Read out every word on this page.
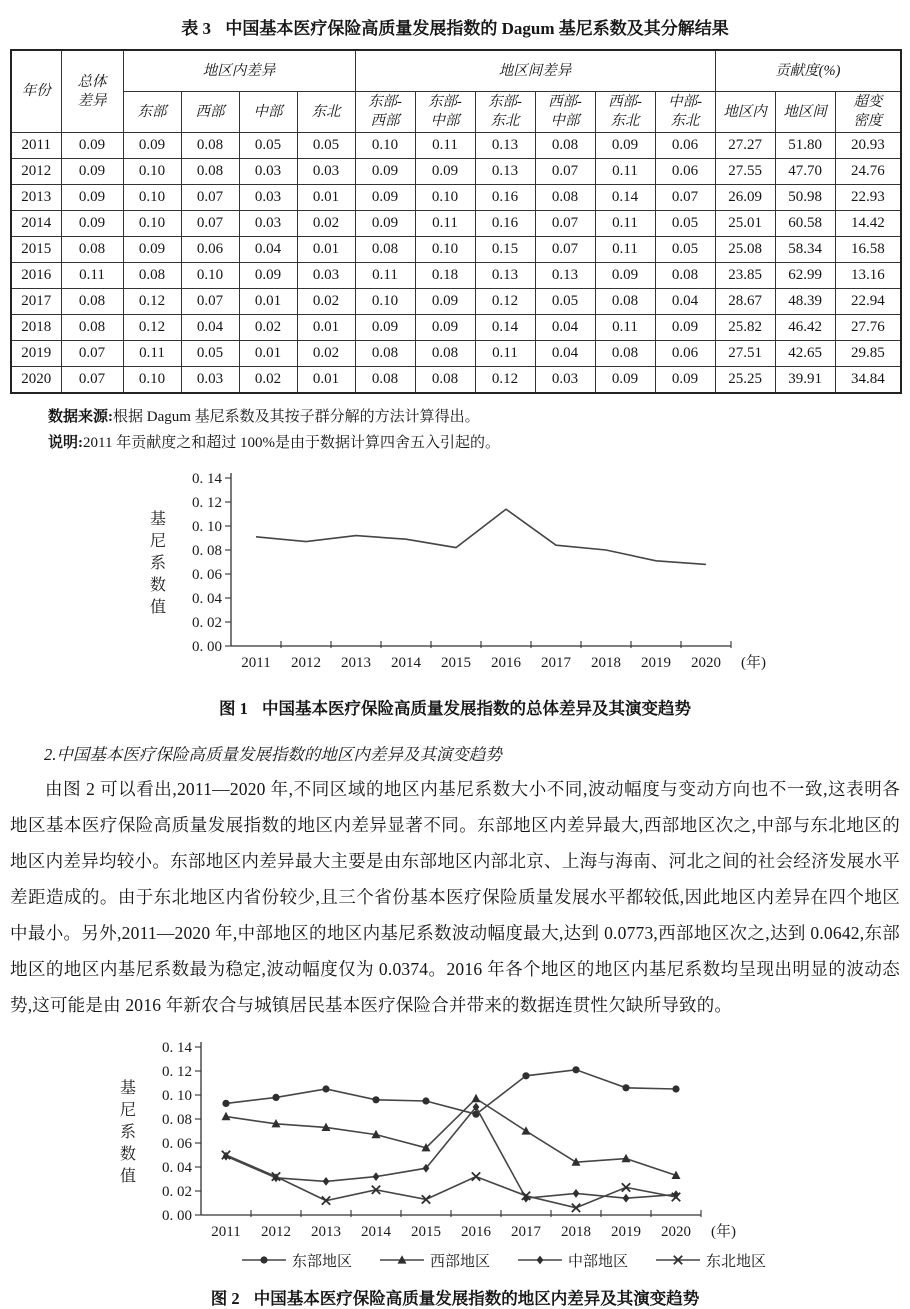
表 3 中国基本医疗保险高质量发展指数的 Dagum 基尼系数及其分解结果
年份	总体差异	地区内差异				地区间差异						贡献度(%)		
		东部	西部	中部	东北	东部-西部	东部-中部	东部-东北	西部-中部	西部-东北	中部-东北	地区内	地区间	超变密度
2011	0.09	0.09	0.08	0.05	0.05	0.10	0.11	0.13	0.08	0.09	0.06	27.27	51.80	20.93
2012	0.09	0.10	0.08	0.03	0.03	0.09	0.09	0.13	0.07	0.11	0.06	27.55	47.70	24.76
2013	0.09	0.10	0.07	0.03	0.01	0.09	0.10	0.16	0.08	0.14	0.07	26.09	50.98	22.93
2014	0.09	0.10	0.07	0.03	0.02	0.09	0.11	0.16	0.07	0.11	0.05	25.01	60.58	14.42
2015	0.08	0.09	0.06	0.04	0.01	0.08	0.10	0.15	0.07	0.11	0.05	25.08	58.34	16.58
2016	0.11	0.08	0.10	0.09	0.03	0.11	0.18	0.13	0.13	0.09	0.08	23.85	62.99	13.16
2017	0.08	0.12	0.07	0.01	0.02	0.10	0.09	0.12	0.05	0.08	0.04	28.67	48.39	22.94
2018	0.08	0.12	0.04	0.02	0.01	0.09	0.09	0.14	0.04	0.11	0.09	25.82	46.42	27.76
2019	0.07	0.11	0.05	0.01	0.02	0.08	0.08	0.11	0.04	0.08	0.06	27.51	42.65	29.85
2020	0.07	0.10	0.03	0.02	0.01	0.08	0.08	0.12	0.03	0.09	0.09	25.25	39.91	34.84
数据来源:根据 Dagum 基尼系数及其按子群分解的方法计算得出。
说明:2011 年贡献度之和超过 100%是由于数据计算四舍五入引起的。
0. 00
0. 02
0. 04
0. 06
0. 08
0. 10
0. 12
0. 14
2011 2012 2013 2014 2015 2016 2017 2018 2019 2020 (年)
基
尼
系
数
值
图 1 中国基本医疗保险高质量发展指数的总体差异及其演变趋势
2.中国基本医疗保险高质量发展指数的地区内差异及其演变趋势

由图 2 可以看出,2011—2020 年,不同区域的地区内基尼系数大小不同,波动幅度与变动方向也不一致,这表明各地区基本医疗保险高质量发展指数的地区内差异显著不同。东部地区内差异最大,西部地区次之,中部与东北地区的地区内差异均较小。东部地区内差异最大主要是由东部地区内部北京、上海与海南、河北之间的社会经济发展水平差距造成的。由于东北地区内省份较少,且三个省份基本医疗保险质量发展水平都较低,因此地区内差异在四个地区中最小。另外,2011—2020 年,中部地区的地区内基尼系数波动幅度最大,达到 0.0773,西部地区次之,达到 0.0642,东部地区的地区内基尼系数最为稳定,波动幅度仅为 0.0374。2016 年各个地区的地区内基尼系数均呈现出明显的波动态势,这可能是由 2016 年新农合与城镇居民基本医疗保险合并带来的数据连贯性欠缺所导致的。

0. 00
0. 02
0. 04
0. 06
0. 08
0. 10
0. 12
0. 14
2011 2012 2013 2014 2015 2016 2017 2018 2019 2020 (年)
基
尼
系
数
值
东部地区	西部地区	中部地区	东北地区
图 2 中国基本医疗保险高质量发展指数的地区内差异及其演变趋势
